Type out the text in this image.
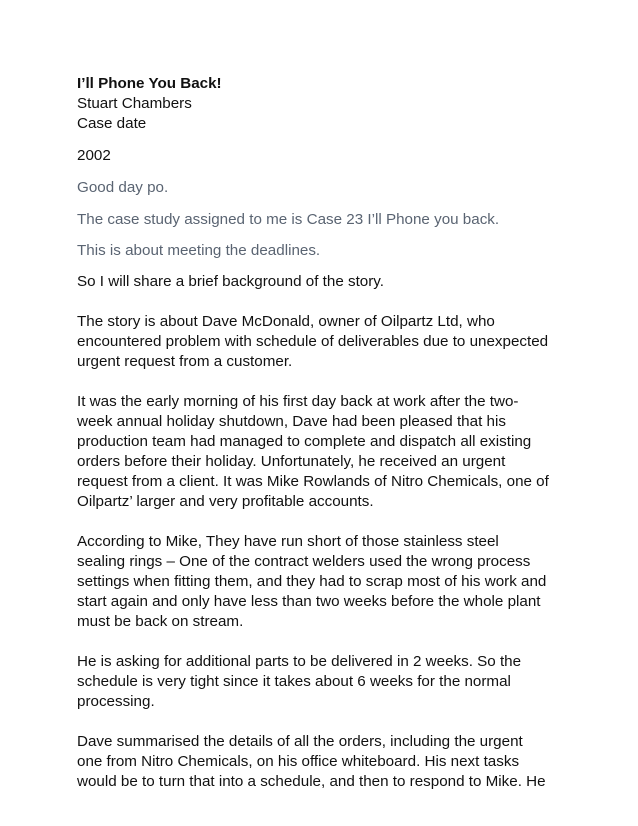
I’ll Phone You Back!
Stuart Chambers
Case date
2002
Good day po.
The case study assigned to me is Case 23 I’ll Phone you back.
This is about meeting the deadlines.
So I will share a brief background of the story.

The story is about Dave McDonald, owner of Oilpartz Ltd, who
encountered problem with schedule of deliverables due to unexpected
urgent request from a customer.

It was the early morning of his first day back at work after the two-
week annual holiday shutdown, Dave had been pleased that his
production team had managed to complete and dispatch all existing
orders before their holiday. Unfortunately, he received an urgent
request from a client. It was Mike Rowlands of Nitro Chemicals, one of
Oilpartz’ larger and very profitable accounts.

According to Mike, They have run short of those stainless steel
sealing rings – One of the contract welders used the wrong process
settings when fitting them, and they had to scrap most of his work and
start again and only have less than two weeks before the whole plant
must be back on stream.

He is asking for additional parts to be delivered in 2 weeks. So the
schedule is very tight since it takes about 6 weeks for the normal
processing.

Dave summarised the details of all the orders, including the urgent
one from Nitro Chemicals, on his office whiteboard. His next tasks
would be to turn that into a schedule, and then to respond to Mike. He
